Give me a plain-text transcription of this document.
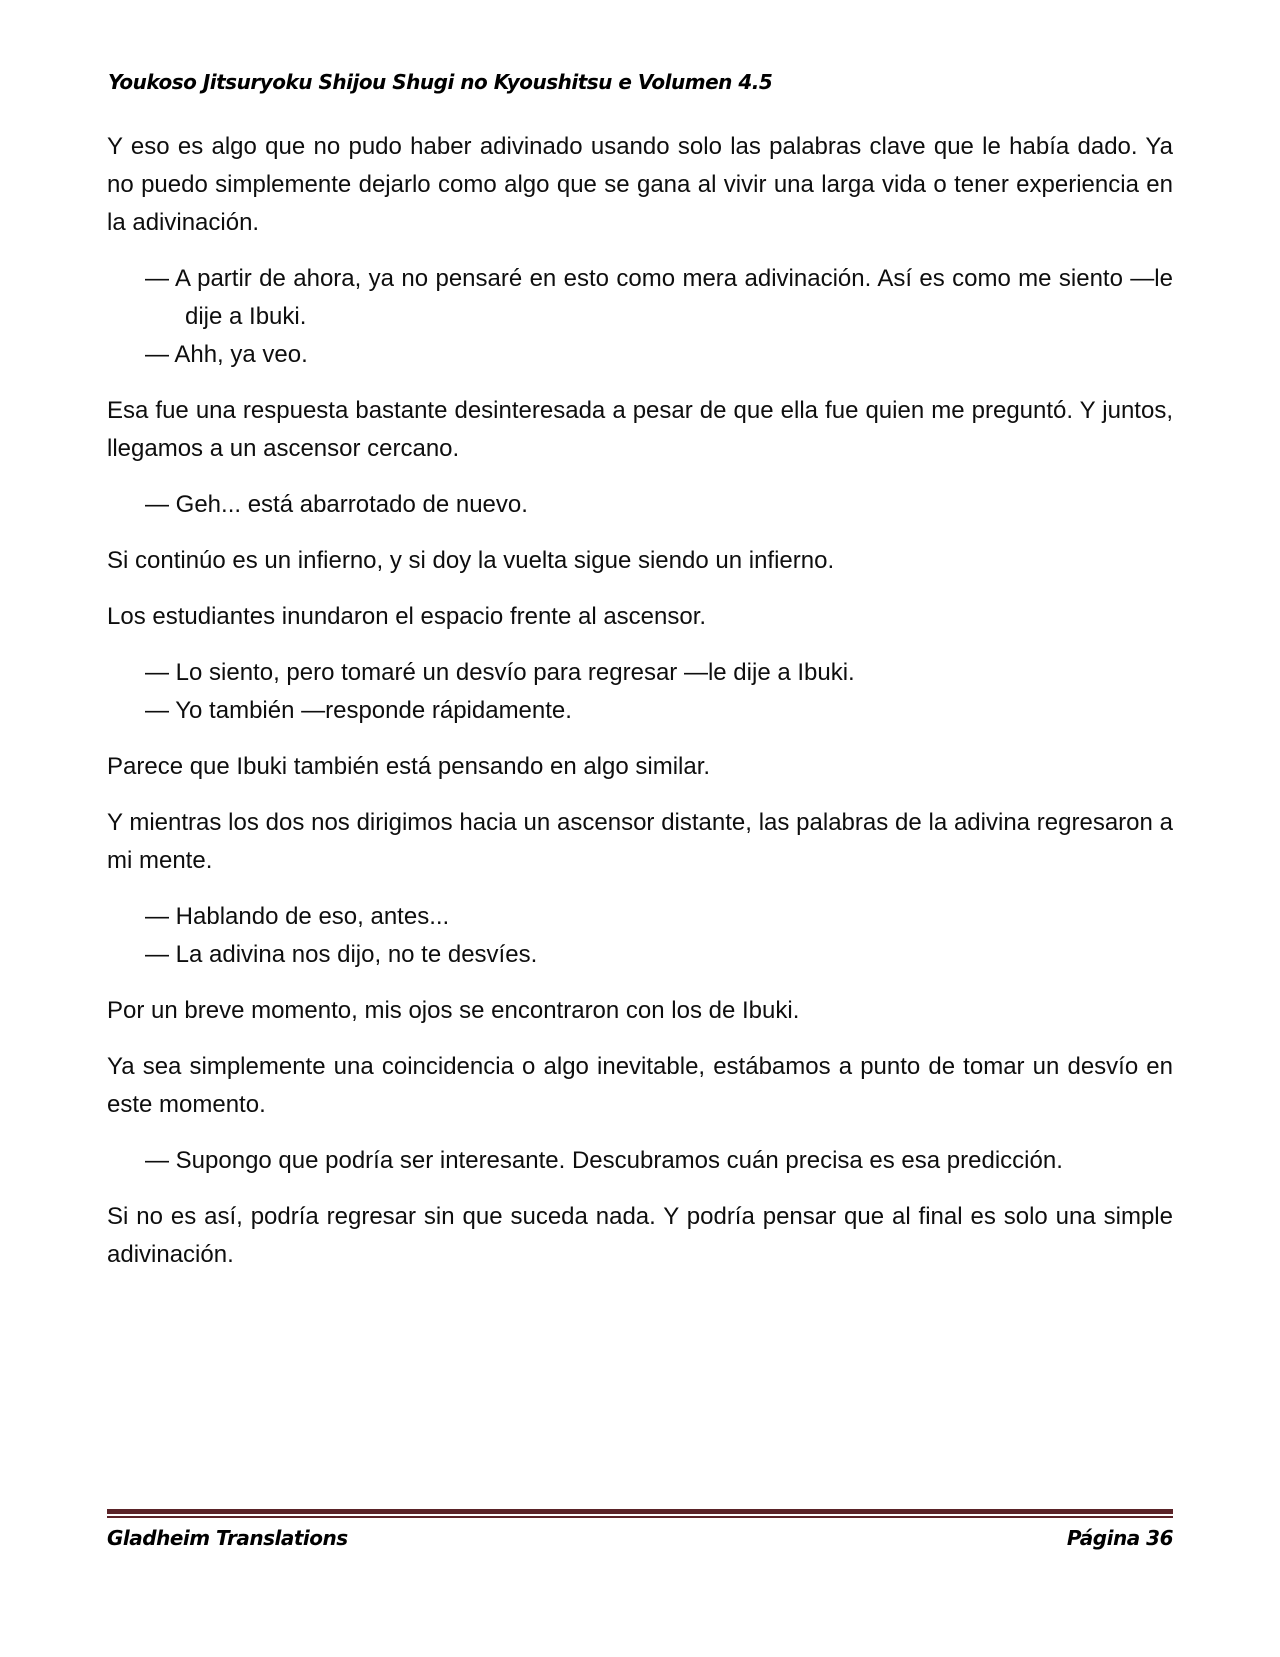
Youkoso Jitsuryoku Shijou Shugi no Kyoushitsu e Volumen 4.5

Y eso es algo que no pudo haber adivinado usando solo las palabras clave que le había dado. Ya no puedo simplemente dejarlo como algo que se gana al vivir una larga vida o tener experiencia en la adivinación.

— A partir de ahora, ya no pensaré en esto como mera adivinación. Así es como me siento —le dije a Ibuki.

— Ahh, ya veo.

Esa fue una respuesta bastante desinteresada a pesar de que ella fue quien me preguntó. Y juntos, llegamos a un ascensor cercano.

— Geh... está abarrotado de nuevo.

Si continúo es un infierno, y si doy la vuelta sigue siendo un infierno.

Los estudiantes inundaron el espacio frente al ascensor.

— Lo siento, pero tomaré un desvío para regresar —le dije a Ibuki.

— Yo también —responde rápidamente.

Parece que Ibuki también está pensando en algo similar.

Y mientras los dos nos dirigimos hacia un ascensor distante, las palabras de la adivina regresaron a mi mente.

— Hablando de eso, antes...

— La adivina nos dijo, no te desvíes.

Por un breve momento, mis ojos se encontraron con los de Ibuki.

Ya sea simplemente una coincidencia o algo inevitable, estábamos a punto de tomar un desvío en este momento.

— Supongo que podría ser interesante. Descubramos cuán precisa es esa predicción.

Si no es así, podría regresar sin que suceda nada. Y podría pensar que al final es solo una simple adivinación.

Gladheim Translations	Página 36
